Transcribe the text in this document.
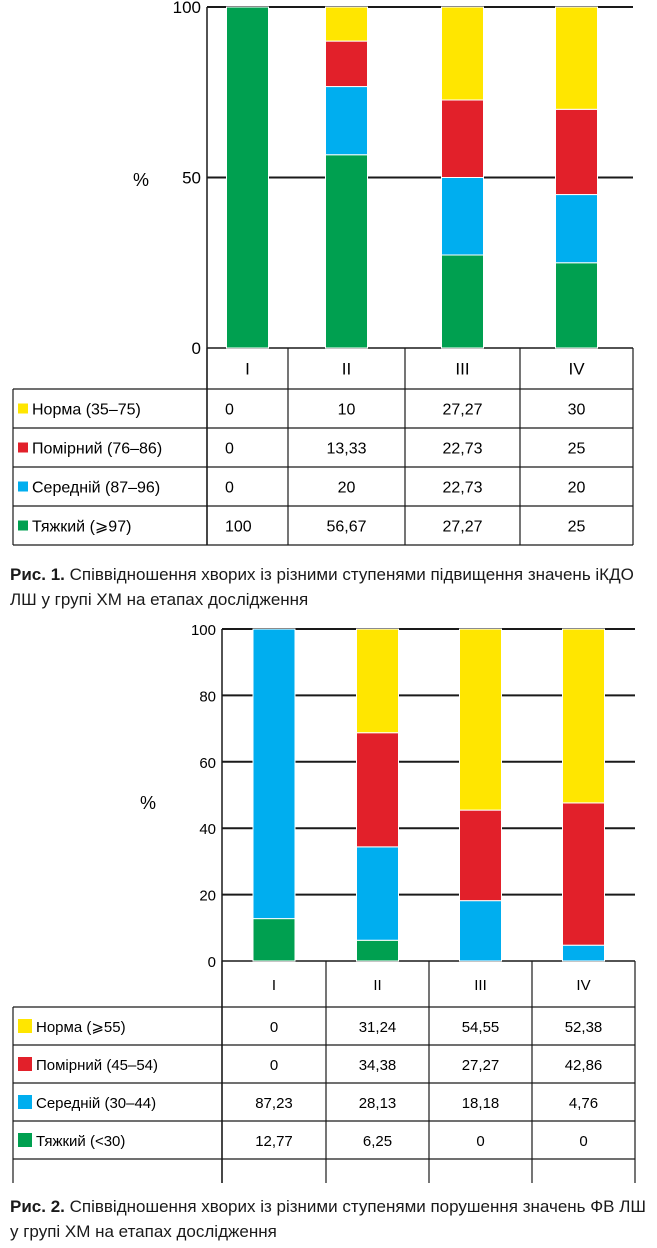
0
50
100
%
I	II	III	IV
Норма (35–75)	0	10	27,27	30
Помірний (76–86)	0	13,33	22,73	25
Середній (87–96)	0	20	22,73	20
Тяжкий (⩾97)	100	56,67	27,27	25
Рис. 1. Співвідношення хворих із різними ступенями підвищення значень іКДО ЛШ у групі ХМ на етапах дослідження
0
20
40
60
80
100
%
I	II	III	IV
Норма (⩾55)	0	31,24	54,55	52,38
Помірний (45–54)	0	34,38	27,27	42,86
Середній (30–44)	87,23	28,13	18,18	4,76
Тяжкий (<30)	12,77	6,25	0	0
Рис. 2. Співвідношення хворих із різними ступенями порушення значень ФВ ЛШ у групі ХМ на етапах дослідження
